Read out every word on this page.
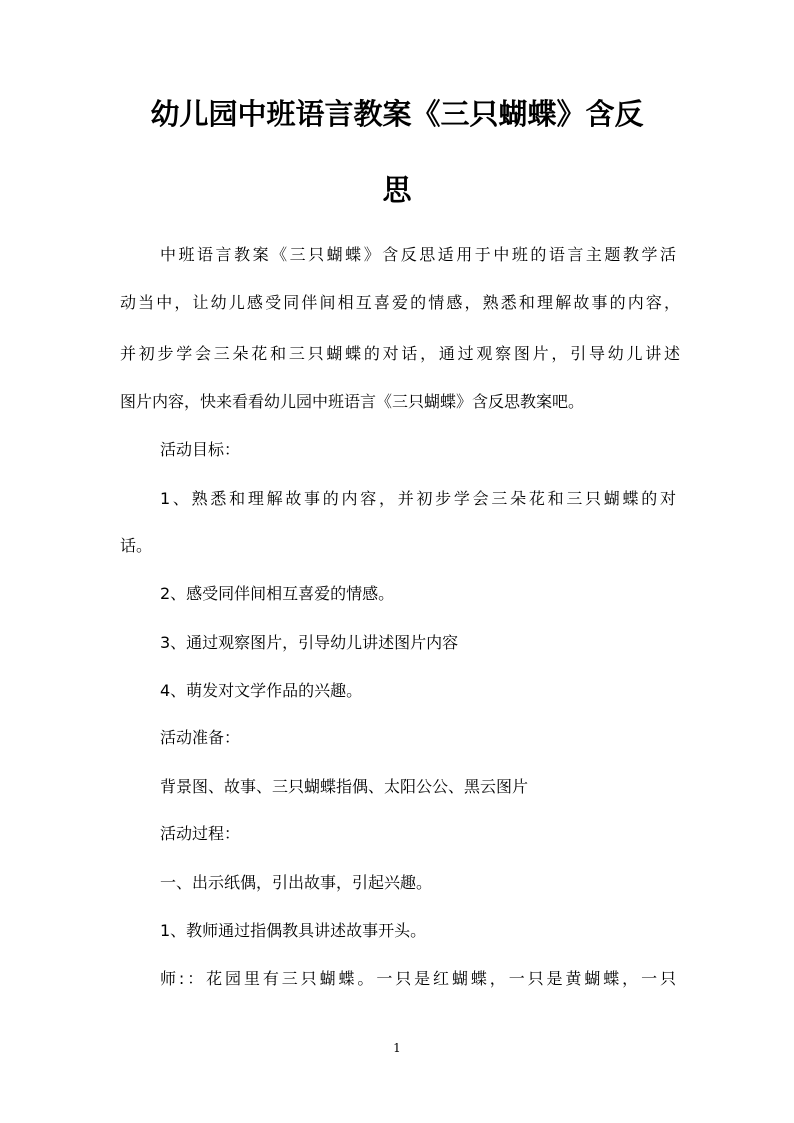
幼儿园中班语言教案《三只蝴蝶》含反
思

中班语言教案《三只蝴蝶》含反思适用于中班的语言主题教学活

动当中，让幼儿感受同伴间相互喜爱的情感，熟悉和理解故事的内容，

并初步学会三朵花和三只蝴蝶的对话，通过观察图片，引导幼儿讲述

图片内容，快来看看幼儿园中班语言《三只蝴蝶》含反思教案吧。

活动目标：

1、熟悉和理解故事的内容，并初步学会三朵花和三只蝴蝶的对

话。

2、感受同伴间相互喜爱的情感。

3、通过观察图片，引导幼儿讲述图片内容

4、萌发对文学作品的兴趣。

活动准备：

背景图、故事、三只蝴蝶指偶、太阳公公、黑云图片

活动过程：

一、出示纸偶，引出故事，引起兴趣。

1、教师通过指偶教具讲述故事开头。

师:：花园里有三只蝴蝶。一只是红蝴蝶，一只是黄蝴蝶，一只

1
